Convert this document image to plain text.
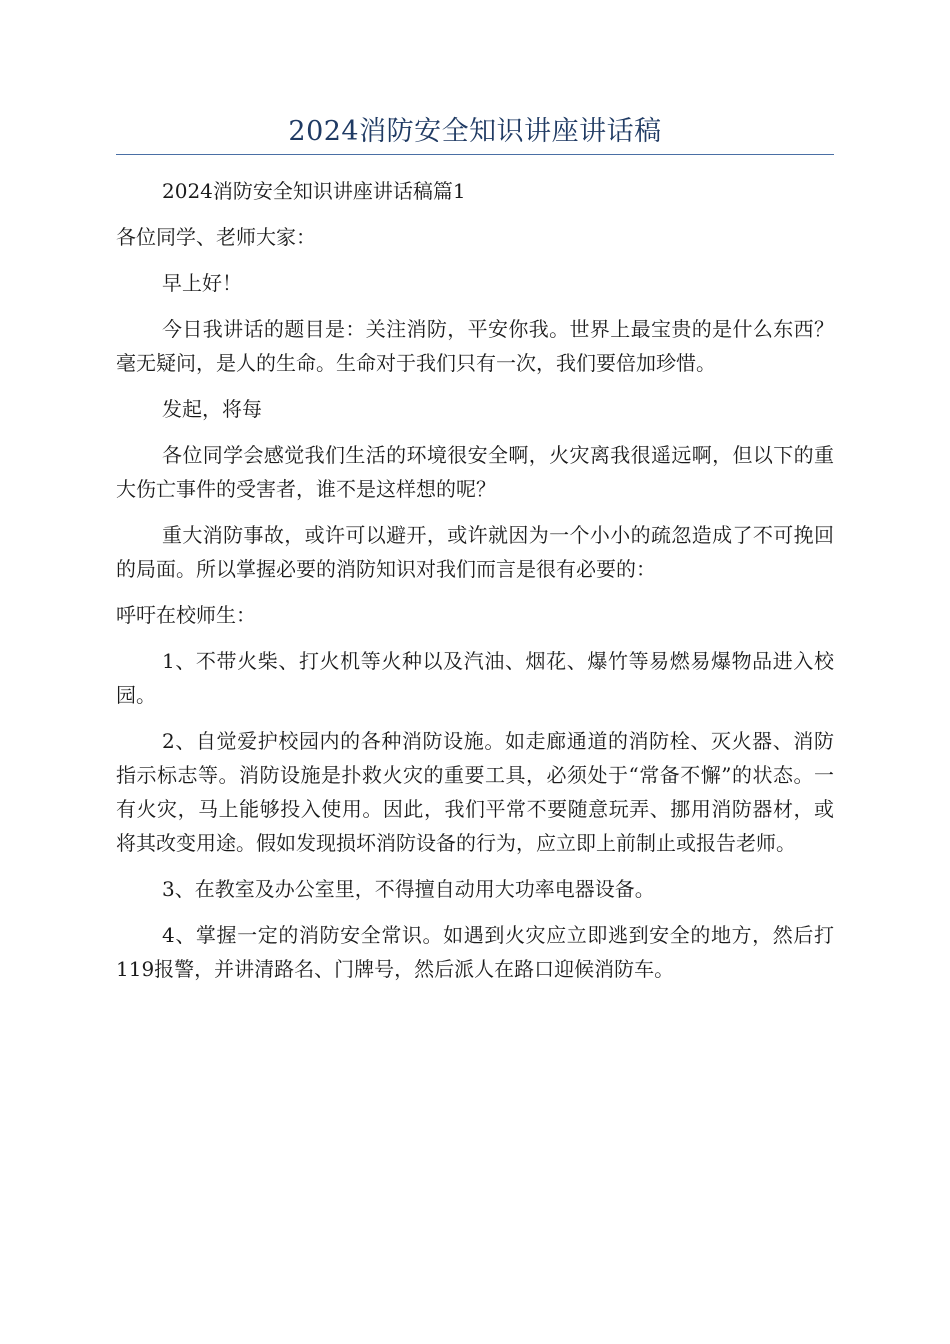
2024消防安全知识讲座讲话稿

2024消防安全知识讲座讲话稿篇1

各位同学、老师大家：

早上好！

今日我讲话的题目是：关注消防，平安你我。世界上最宝贵的是什么东西？毫无疑问，是人的生命。生命对于我们只有一次，我们要倍加珍惜。

发起，将每

各位同学会感觉我们生活的环境很安全啊，火灾离我很遥远啊，但以下的重大伤亡事件的受害者，谁不是这样想的呢？

重大消防事故，或许可以避开，或许就因为一个小小的疏忽造成了不可挽回的局面。所以掌握必要的消防知识对我们而言是很有必要的：

呼吁在校师生：

1、不带火柴、打火机等火种以及汽油、烟花、爆竹等易燃易爆物品进入校园。

2、自觉爱护校园内的各种消防设施。如走廊通道的消防栓、灭火器、消防指示标志等。消防设施是扑救火灾的重要工具，必须处于“常备不懈”的状态。一有火灾，马上能够投入使用。因此，我们平常不要随意玩弄、挪用消防器材，或将其改变用途。假如发现损坏消防设备的行为，应立即上前制止或报告老师。

3、在教室及办公室里，不得擅自动用大功率电器设备。

4、掌握一定的消防安全常识。如遇到火灾应立即逃到安全的地方，然后打119报警，并讲清路名、门牌号，然后派人在路口迎候消防车。
